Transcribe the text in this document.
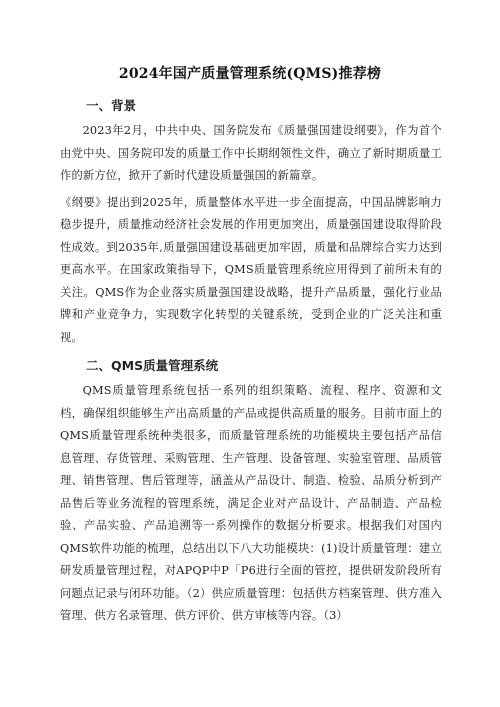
2024年国产质量管理系统(QMS)推荐榜
一、背景

2023年2月，中共中央、国务院发布《质量强国建设纲要》，作为首个由党中央、国务院印发的质量工作中长期纲领性文件，确立了新时期质量工作的新方位，掀开了新时代建设质量强国的新篇章。

《纲要》提出到2025年，质量整体水平进一步全面提高，中国品牌影响力稳步提升，质量推动经济社会发展的作用更加突出，质量强国建设取得阶段性成效。到2035年,质量强国建设基础更加牢固，质量和品牌综合实力达到更高水平。在国家政策指导下，QMS质量管理系统应用得到了前所未有的关注。QMS作为企业落实质量强国建设战略，提升产品质量，强化行业品牌和产业竞争力，实现数字化转型的关键系统，受到企业的广泛关注和重视。

二、QMS质量管理系统

QMS质量管理系统包括一系列的组织策略、流程、程序、资源和文档，确保组织能够生产出高质量的产品或提供高质量的服务。目前市面上的QMS质量管理系统种类很多，而质量管理系统的功能模块主要包括产品信息管理、存货管理、采购管理、生产管理、设备管理、实验室管理、品质管理、销售管理、售后管理等，涵盖从产品设计、制造、检验、品质分析到产品售后等业务流程的管理系统，满足企业对产品设计、产品制造、产品检验、产品实验、产品追溯等一系列操作的数据分析要求。根据我们对国内QMS软件功能的梳理，总结出以下八大功能模块：(1)设计质量管理：建立研发质量管理过程，对APQP中P「P6进行全面的管控，提供研发阶段所有问题点记录与闭环功能。（2）供应质量管理：包括供方档案管理、供方准入管理、供方名录管理、供方评价、供方审核等内容。（3）
